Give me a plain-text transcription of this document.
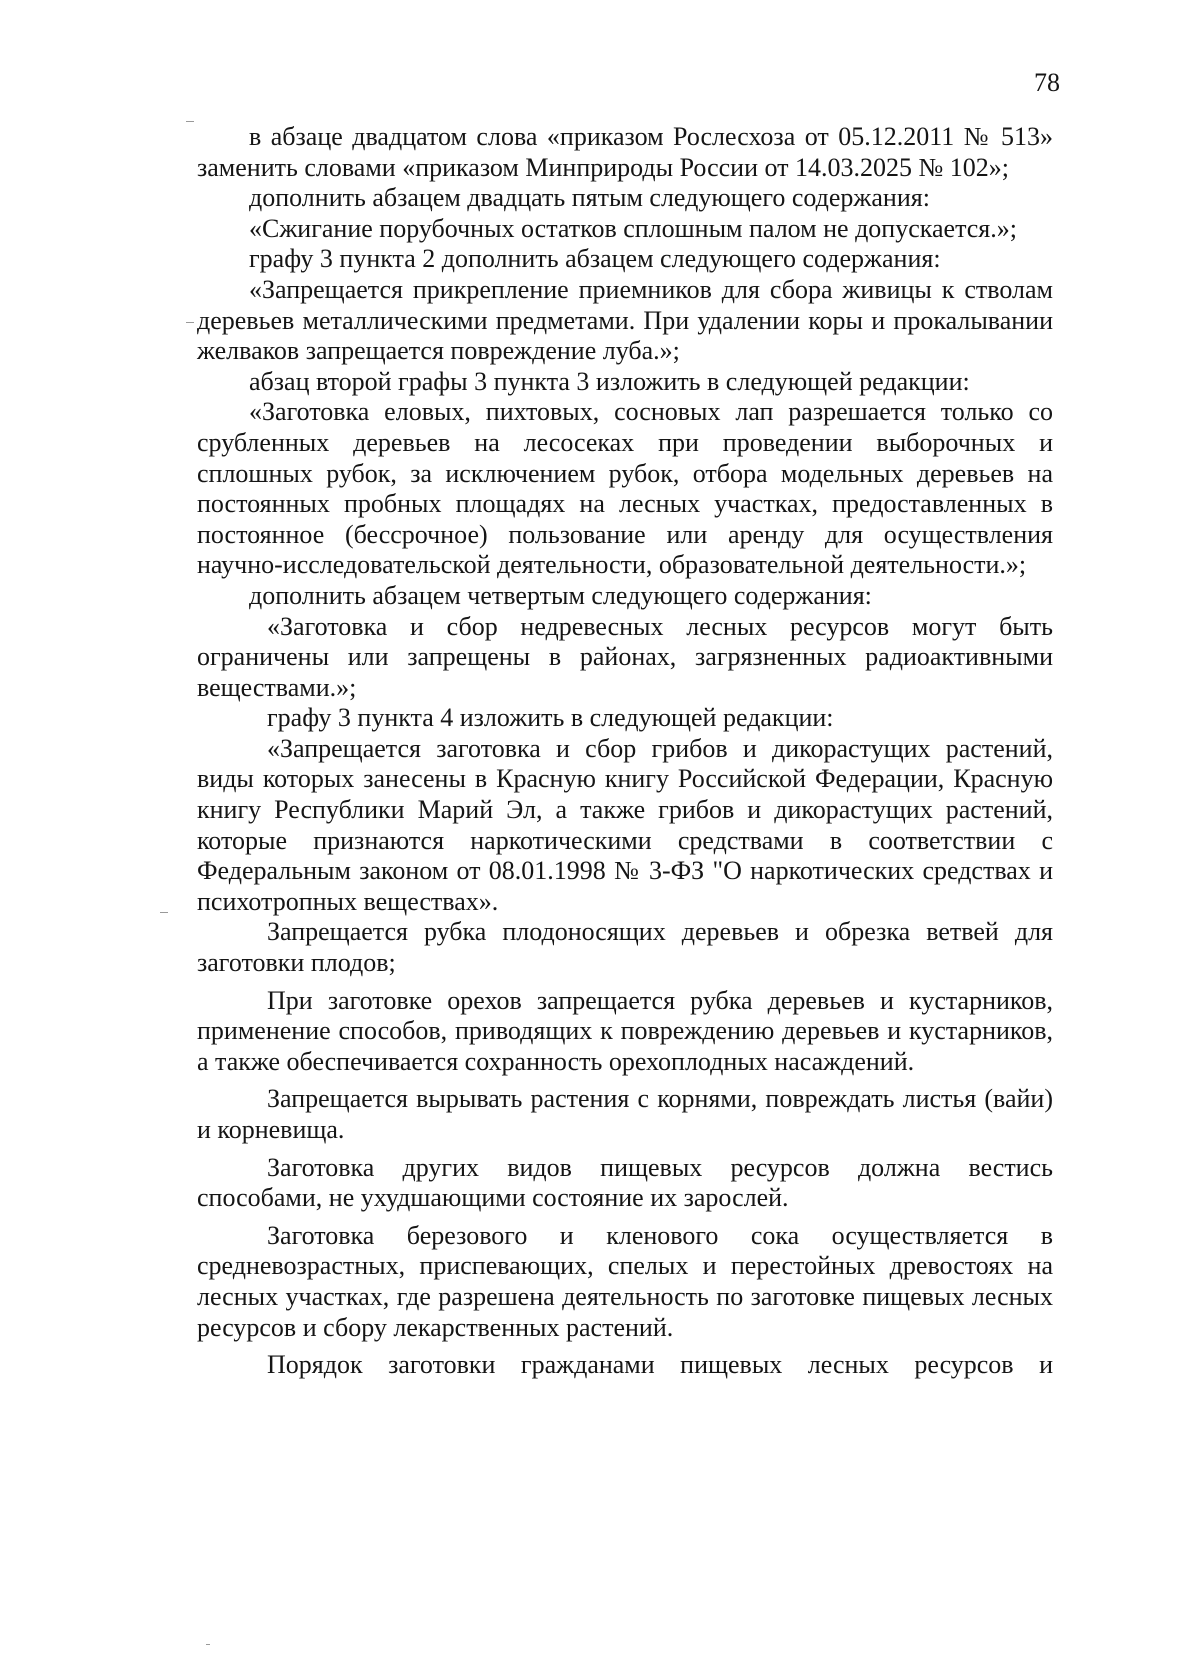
78

в абзаце двадцатом слова «приказом Рослесхоза от 05.12.2011 № 513» заменить словами «приказом Минприроды России от 14.03.2025 № 102»;

дополнить абзацем двадцать пятым следующего содержания:

«Сжигание порубочных остатков сплошным палом не допускается.»;

графу 3 пункта 2 дополнить абзацем следующего содержания:

«Запрещается прикрепление приемников для сбора живицы к стволам деревьев металлическими предметами. При удалении коры и прокалывании желваков запрещается повреждение луба.»;

абзац второй графы 3 пункта 3 изложить в следующей редакции:

«Заготовка еловых, пихтовых, сосновых лап разрешается только со срубленных деревьев на лесосеках при проведении выборочных и сплошных рубок, за исключением рубок, отбора модельных деревьев на постоянных пробных площадях на лесных участках, предоставленных в постоянное (бессрочное) пользование или аренду для осуществления научно-исследовательской деятельности, образовательной деятельности.»;

дополнить абзацем четвертым следующего содержания:

«Заготовка и сбор недревесных лесных ресурсов могут быть ограничены или запрещены в районах, загрязненных радиоактивными веществами.»;

графу 3 пункта 4 изложить в следующей редакции:

«Запрещается заготовка и сбор грибов и дикорастущих растений, виды которых занесены в Красную книгу Российской Федерации, Красную книгу Республики Марий Эл, а также грибов и дикорастущих растений, которые признаются наркотическими средствами в соответствии с Федеральным законом от 08.01.1998 № 3-ФЗ "О наркотических средствах и психотропных веществах».

Запрещается рубка плодоносящих деревьев и обрезка ветвей для заготовки плодов;

При заготовке орехов запрещается рубка деревьев и кустарников, применение способов, приводящих к повреждению деревьев и кустарников, а также обеспечивается сохранность орехоплодных насаждений.

Запрещается вырывать растения с корнями, повреждать листья (вайи) и корневища.

Заготовка других видов пищевых ресурсов должна вестись способами, не ухудшающими состояние их зарослей.

Заготовка березового и кленового сока осуществляется в средневозрастных, приспевающих, спелых и перестойных древостоях на лесных участках, где разрешена деятельность по заготовке пищевых лесных ресурсов и сбору лекарственных растений.

Порядок заготовки гражданами пищевых лесных ресурсов и
